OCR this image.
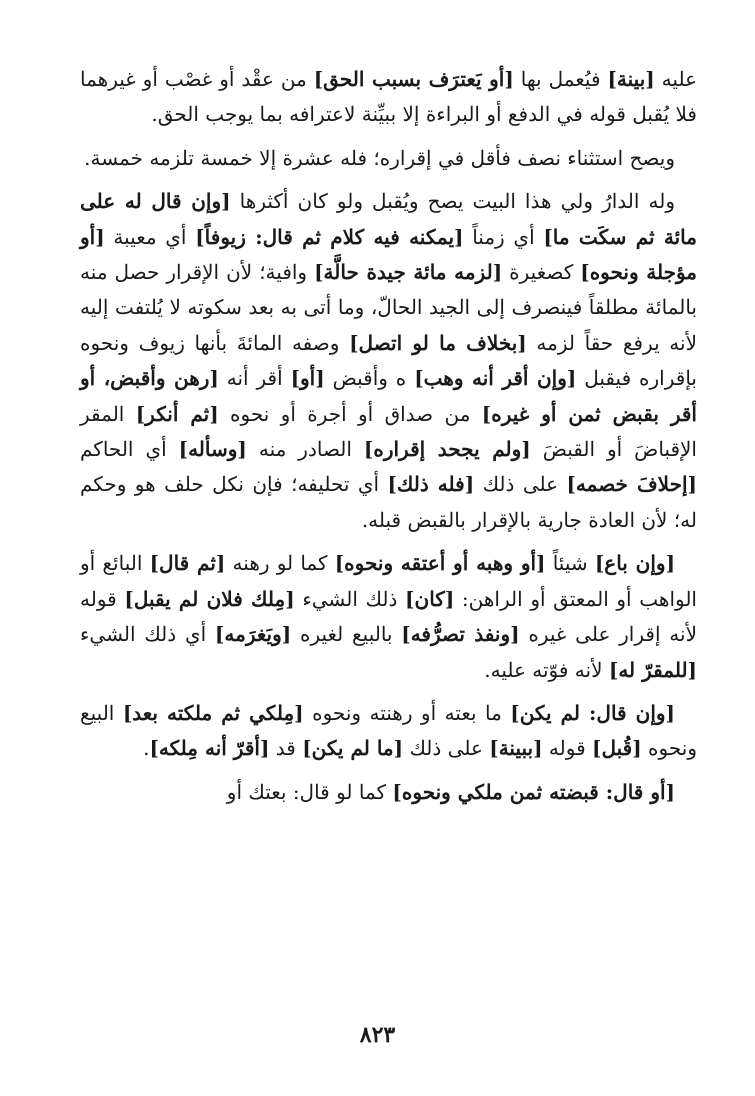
عليه [بينة] فيُعمل بها [أو يَعترَف بسبب الحق] من عقْد أو غصْب أو غيرهما فلا يُقبل قوله في الدفع أو البراءة إلا ببيِّنة لاعترافه بما يوجب الحق.

ويصح استثناء نصف فأقل في إقراره؛ فله عشرة إلا خمسة تلزمه خمسة.

وله الدارُ ولي هذا البيت يصح ويُقبل ولو كان أكثرها [وإن قال له على مائة ثم سكَت ما] أي زمناً [يمكنه فيه كلام ثم قال: زيوفاً] أي معيبة [أو مؤجلة ونحوه] كصغيرة [لزمه مائة جيدة حالَّة] وافية؛ لأن الإقرار حصل منه بالمائة مطلقاً فينصرف إلى الجيد الحالّ، وما أتى به بعد سكوته لا يُلتفت إليه لأنه يرفع حقاً لزمه [بخلاف ما لو اتصل] وصفه المائةَ بأنها زيوف ونحوه بإقراره فيقبل [وإن أقر أنه وهب] ه وأقبض [أو] أقر أنه [رهن وأقبض، أو أقر بقبض ثمن أو غيره] من صداق أو أجرة أو نحوه [ثم أنكر] المقر الإقباضَ أو القبضَ [ولم يجحد إقراره] الصادر منه [وسأله] أي الحاكم [إحلافَ خصمه] على ذلك [فله ذلك] أي تحليفه؛ فإن نكل حلف هو وحكم له؛ لأن العادة جارية بالإقرار بالقبض قبله.

[وإن باع] شيئاً [أو وهبه أو أعتقه ونحوه] كما لو رهنه [ثم قال] البائع أو الواهب أو المعتق أو الراهن: [كان] ذلك الشيء [مِلك فلان لم يقبل] قوله لأنه إقرار على غيره [ونفذ تصرُّفه] بالبيع لغيره [ويَغرَمه] أي ذلك الشيء [للمقرّ له] لأنه فوّته عليه.

[وإن قال: لم يكن] ما بعته أو رهنته ونحوه [مِلكي ثم ملكته بعد] البيع ونحوه [قُبل] قوله [ببينة] على ذلك [ما لم يكن] قد [أقرّ أنه مِلكه].

[أو قال: قبضته ثمن ملكي ونحوه] كما لو قال: بعتك أو

٨٢٣
